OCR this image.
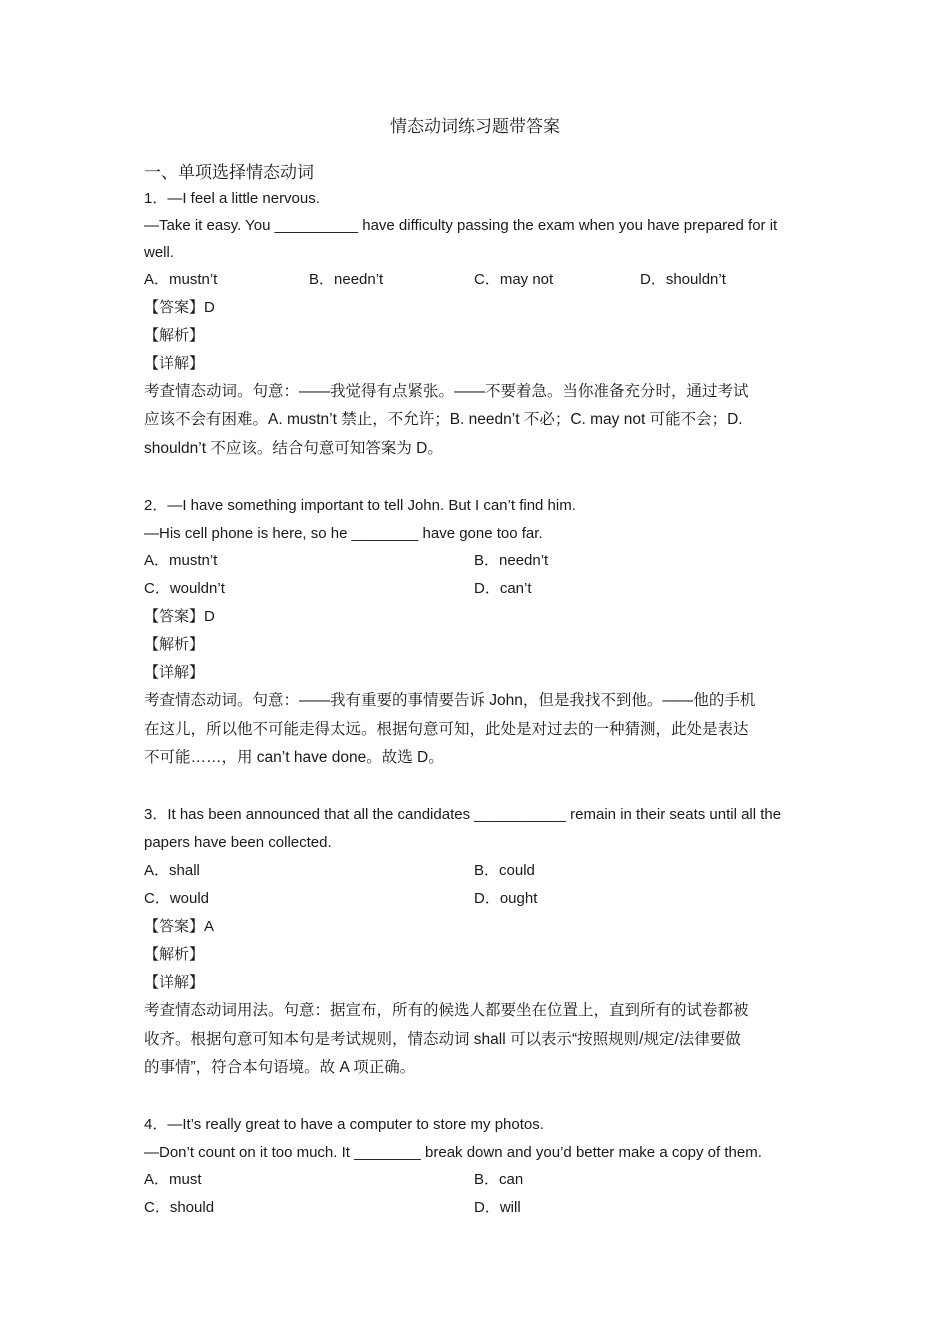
情态动词练习题带答案
一、单项选择情态动词
1．—I feel a little nervous.
—Take it easy. You __________ have difficulty passing the exam when you have prepared for it
well.
A．mustn’t	B．needn’t	C．may not	D．shouldn’t
【答案】D
【解析】
【详解】
考查情态动词。句意：——我觉得有点紧张。——不要着急。当你准备充分时，通过考试
应该不会有困难。A. mustn’t 禁止，不允许；B. needn’t 不必；C. may not 可能不会；D.
shouldn’t 不应该。结合句意可知答案为 D。
2．—I have something important to tell John. But I can’t find him.
—His cell phone is here, so he ________ have gone too far.
A．mustn’t	B．needn’t
C．wouldn’t	D．can’t
【答案】D
【解析】
【详解】
考查情态动词。句意：——我有重要的事情要告诉 John，但是我找不到他。——他的手机
在这儿，所以他不可能走得太远。根据句意可知，此处是对过去的一种猜测，此处是表达
不可能……，用 can’t have done。故选 D。
3．It has been announced that all the candidates ___________ remain in their seats until all the
papers have been collected.
A．shall	B．could
C．would	D．ought
【答案】A
【解析】
【详解】
考查情态动词用法。句意：据宣布，所有的候选人都要坐在位置上，直到所有的试卷都被
收齐。根据句意可知本句是考试规则，情态动词 shall 可以表示“按照规则/规定/法律要做
的事情”，符合本句语境。故 A 项正确。
4．—It’s really great to have a computer to store my photos.
—Don’t count on it too much. It ________ break down and you’d better make a copy of them.
A．must	B．can
C．should	D．will
